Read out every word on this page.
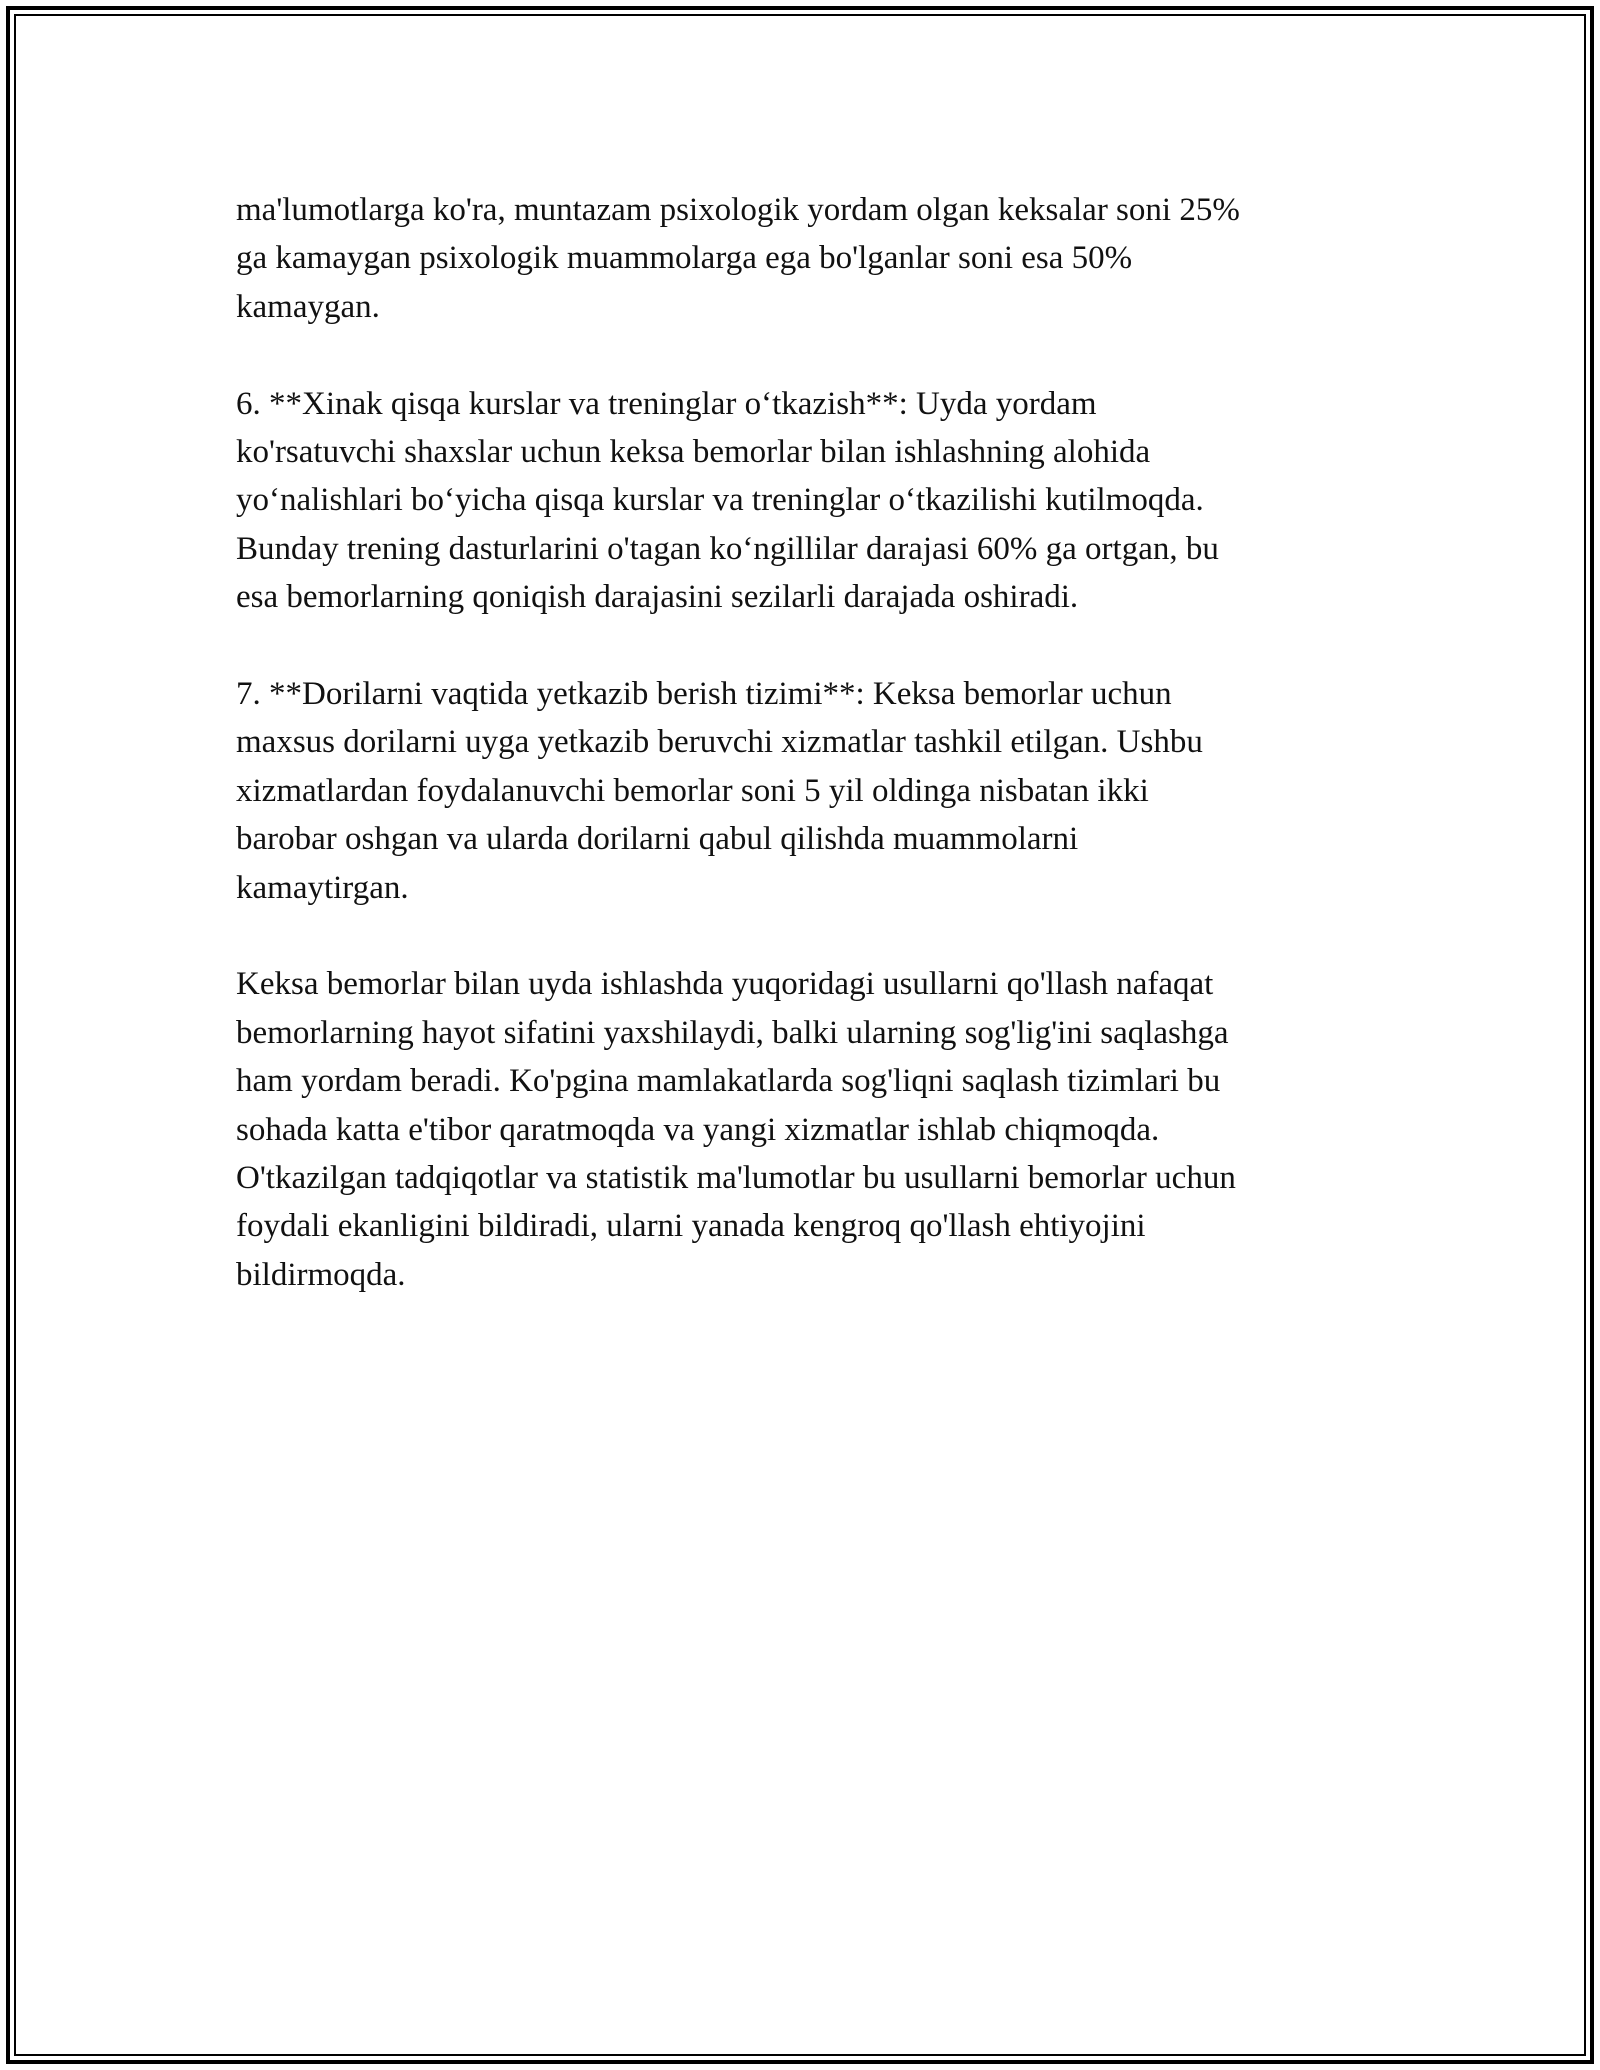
ma'lumotlarga ko'ra, muntazam psixologik yordam olgan keksalar soni 25%
ga kamaygan psixologik muammolarga ega bo'lganlar soni esa 50%
kamaygan.

6. **Xinak qisqa kurslar va treninglar o‘tkazish**: Uyda yordam
ko'rsatuvchi shaxslar uchun keksa bemorlar bilan ishlashning alohida
yo‘nalishlari bo‘yicha qisqa kurslar va treninglar o‘tkazilishi kutilmoqda.
Bunday trening dasturlarini o'tagan ko‘ngillilar darajasi 60% ga ortgan, bu
esa bemorlarning qoniqish darajasini sezilarli darajada oshiradi.

7. **Dorilarni vaqtida yetkazib berish tizimi**: Keksa bemorlar uchun
maxsus dorilarni uyga yetkazib beruvchi xizmatlar tashkil etilgan. Ushbu
xizmatlardan foydalanuvchi bemorlar soni 5 yil oldinga nisbatan ikki
barobar oshgan va ularda dorilarni qabul qilishda muammolarni
kamaytirgan.

Keksa bemorlar bilan uyda ishlashda yuqoridagi usullarni qo'llash nafaqat
bemorlarning hayot sifatini yaxshilaydi, balki ularning sog'lig'ini saqlashga
ham yordam beradi. Ko'pgina mamlakatlarda sog'liqni saqlash tizimlari bu
sohada katta e'tibor qaratmoqda va yangi xizmatlar ishlab chiqmoqda.
O'tkazilgan tadqiqotlar va statistik ma'lumotlar bu usullarni bemorlar uchun
foydali ekanligini bildiradi, ularni yanada kengroq qo'llash ehtiyojini
bildirmoqda.
